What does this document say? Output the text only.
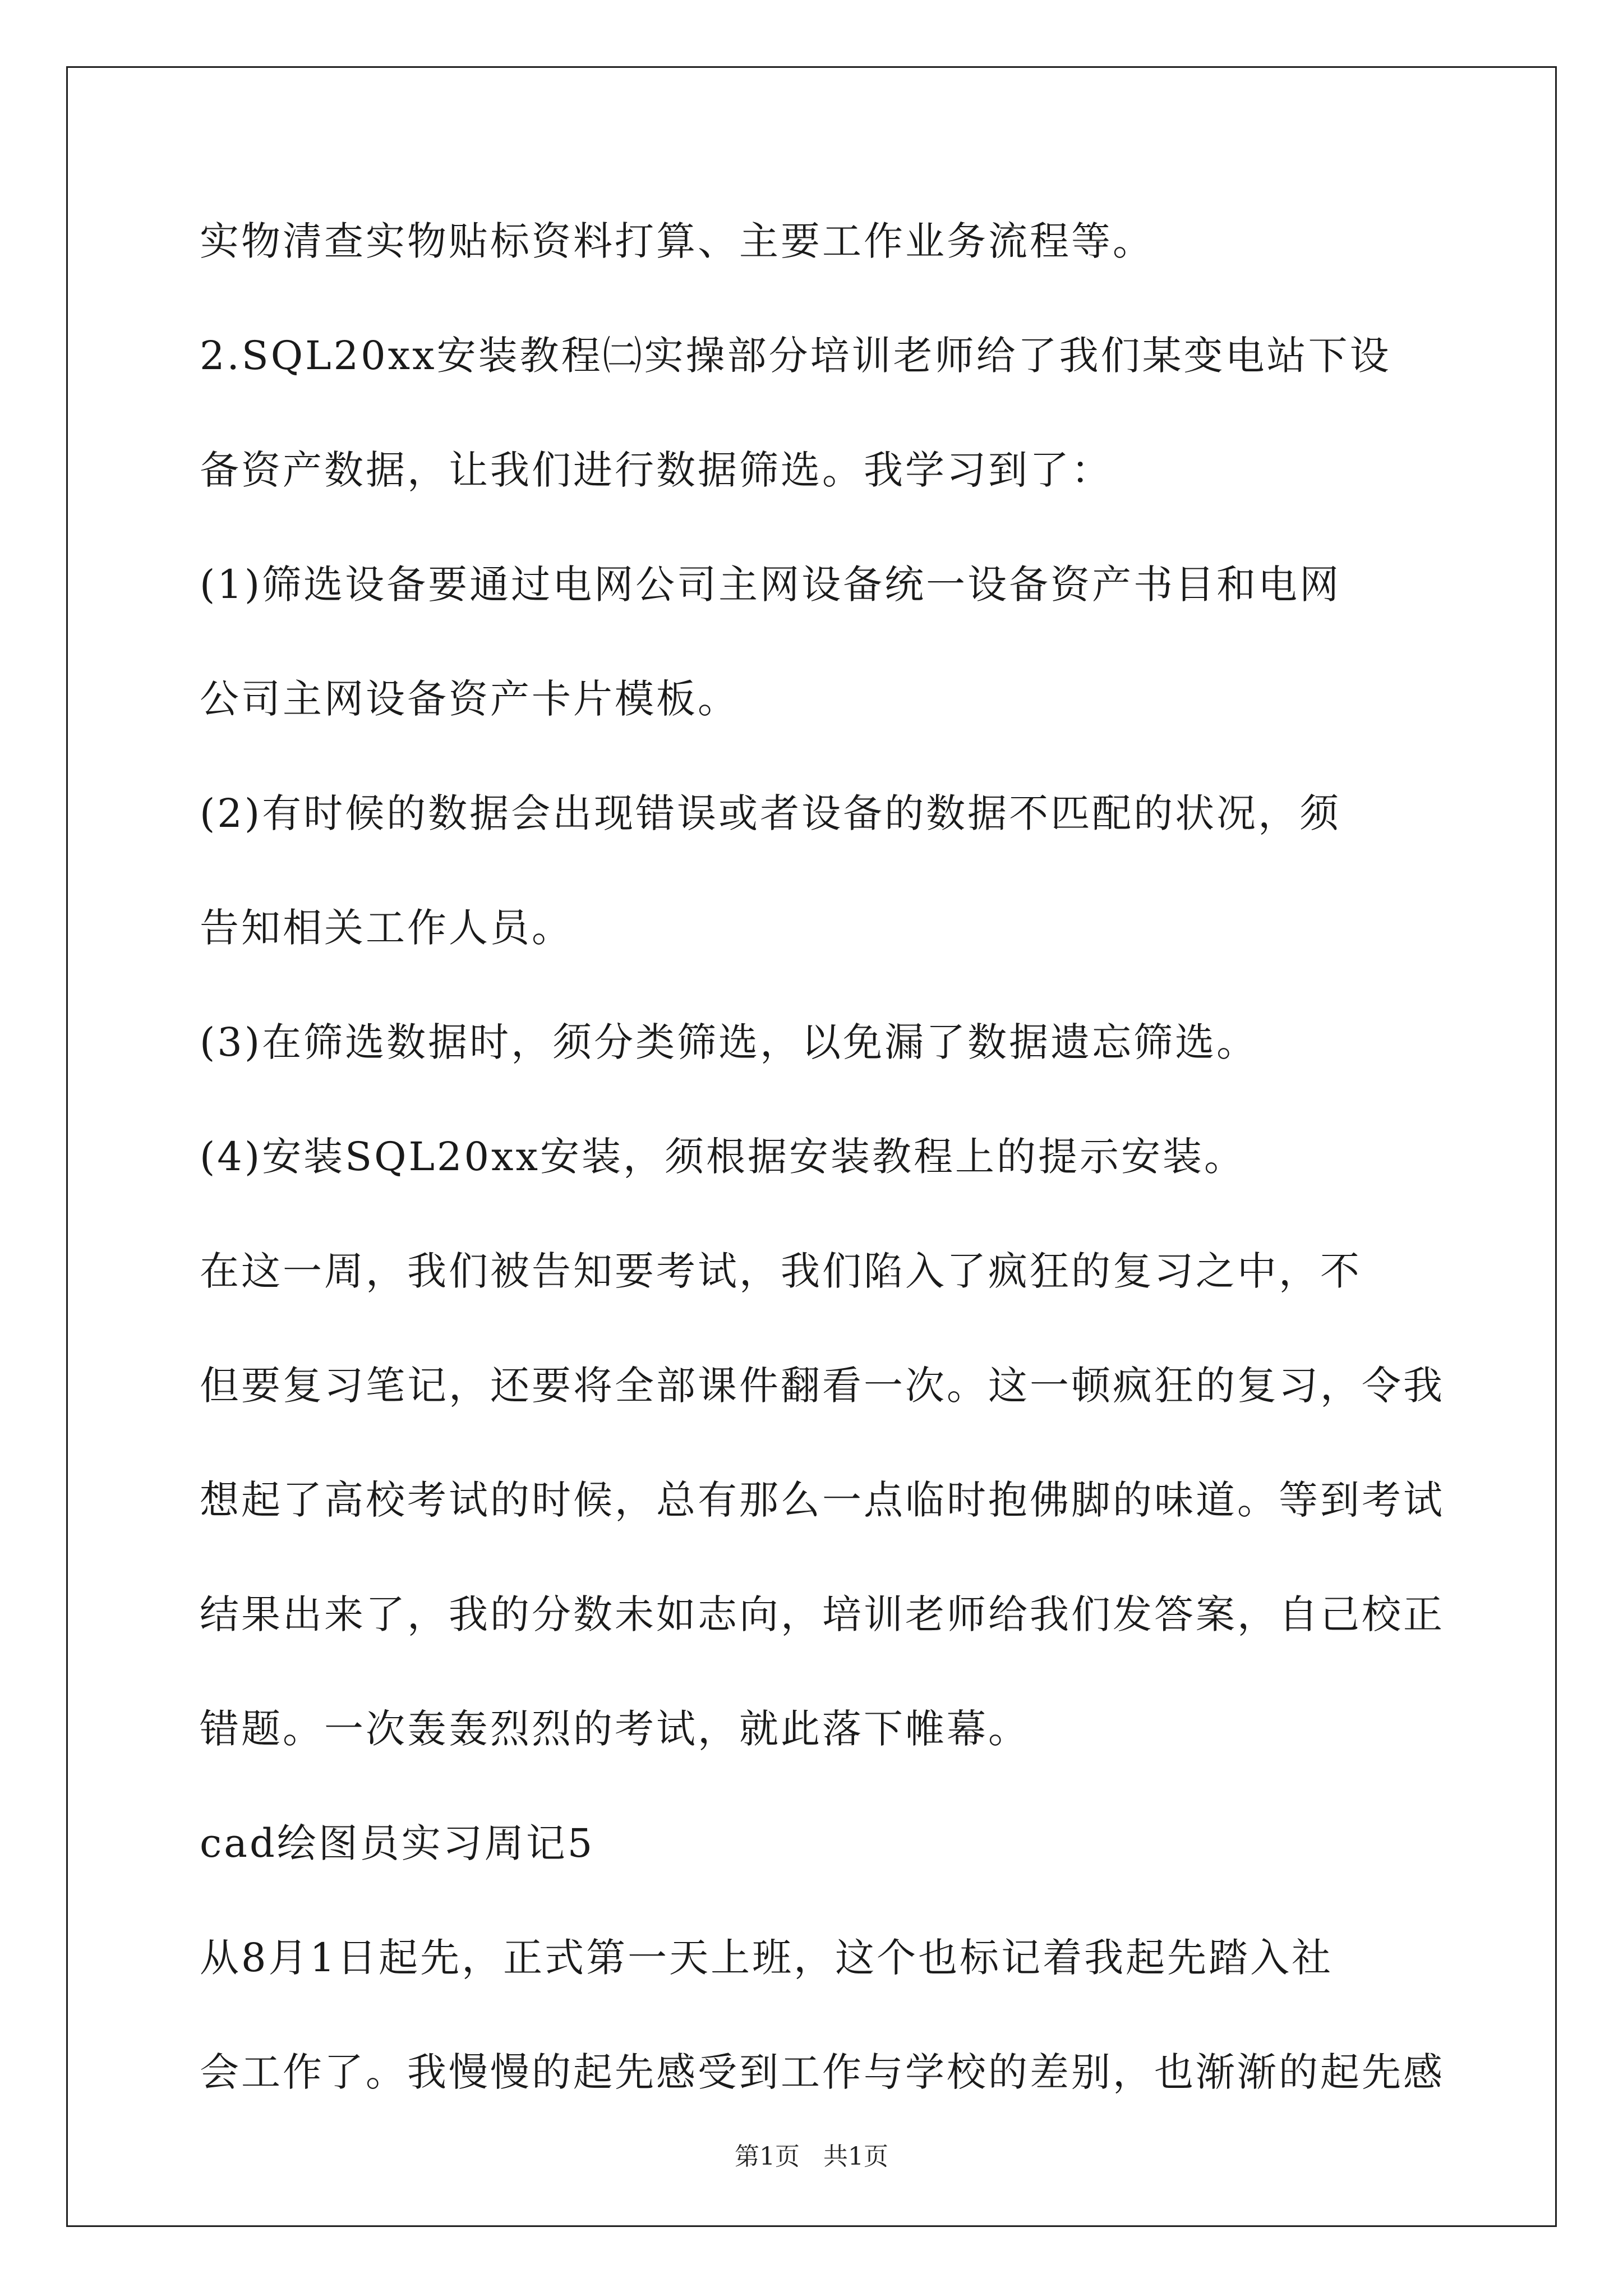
实物清查实物贴标资料打算、主要工作业务流程等。
2.SQL20xx安装教程㈡实操部分培训老师给了我们某变电站下设
备资产数据，让我们进行数据筛选。我学习到了：
(1)筛选设备要通过电网公司主网设备统一设备资产书目和电网
公司主网设备资产卡片模板。
(2)有时候的数据会出现错误或者设备的数据不匹配的状况，须
告知相关工作人员。
(3)在筛选数据时，须分类筛选，以免漏了数据遗忘筛选。
(4)安装SQL20xx安装，须根据安装教程上的提示安装。
在这一周，我们被告知要考试，我们陷入了疯狂的复习之中，不
但要复习笔记，还要将全部课件翻看一次。这一顿疯狂的复习，令我
想起了高校考试的时候，总有那么一点临时抱佛脚的味道。等到考试
结果出来了，我的分数未如志向，培训老师给我们发答案，自己校正
错题。一次轰轰烈烈的考试，就此落下帷幕。
cad绘图员实习周记5
从8月1日起先，正式第一天上班，这个也标记着我起先踏入社
会工作了。我慢慢的起先感受到工作与学校的差别，也渐渐的起先感
第1页   共1页
